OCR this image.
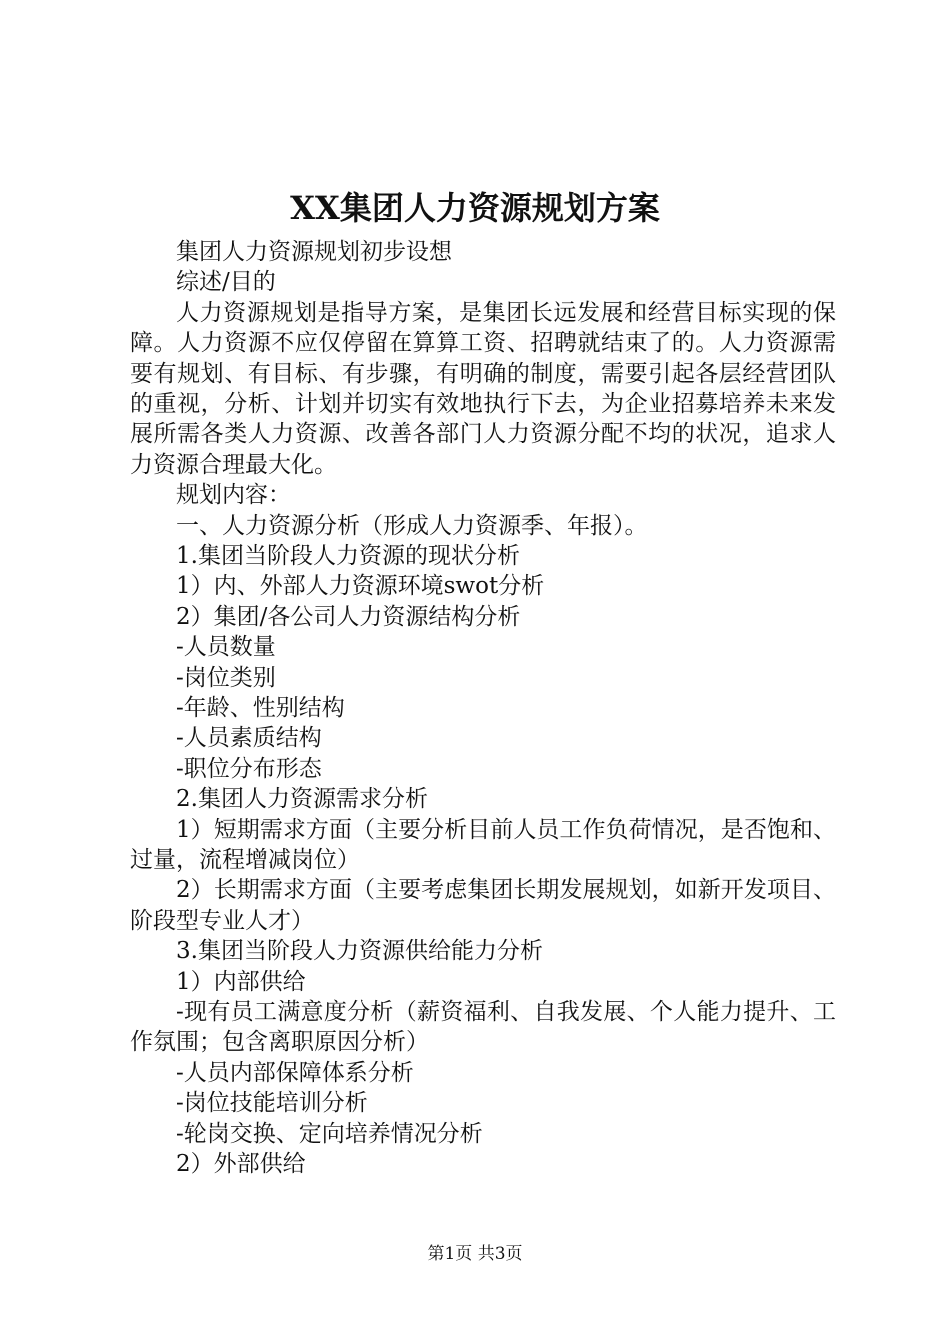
XX集团人力资源规划方案
集团人力资源规划初步设想
综述/目的
人力资源规划是指导方案，是集团长远发展和经营目标实现的保障。人力资源不应仅停留在算算工资、招聘就结束了的。人力资源需要有规划、有目标、有步骤，有明确的制度，需要引起各层经营团队的重视，分析、计划并切实有效地执行下去，为企业招募培养未来发展所需各类人力资源、改善各部门人力资源分配不均的状况，追求人力资源合理最大化。
规划内容：
一、人力资源分析（形成人力资源季、年报）。
1.集团当阶段人力资源的现状分析
1）内、外部人力资源环境swot分析
2）集团/各公司人力资源结构分析
-人员数量
-岗位类别
-年龄、性别结构
-人员素质结构
-职位分布形态
2.集团人力资源需求分析
1）短期需求方面（主要分析目前人员工作负荷情况，是否饱和、过量，流程增减岗位）
2）长期需求方面（主要考虑集团长期发展规划，如新开发项目、阶段型专业人才）
3.集团当阶段人力资源供给能力分析
1）内部供给
-现有员工满意度分析（薪资福利、自我发展、个人能力提升、工作氛围；包含离职原因分析）
-人员内部保障体系分析
-岗位技能培训分析
-轮岗交换、定向培养情况分析
2）外部供给
第1页 共3页
